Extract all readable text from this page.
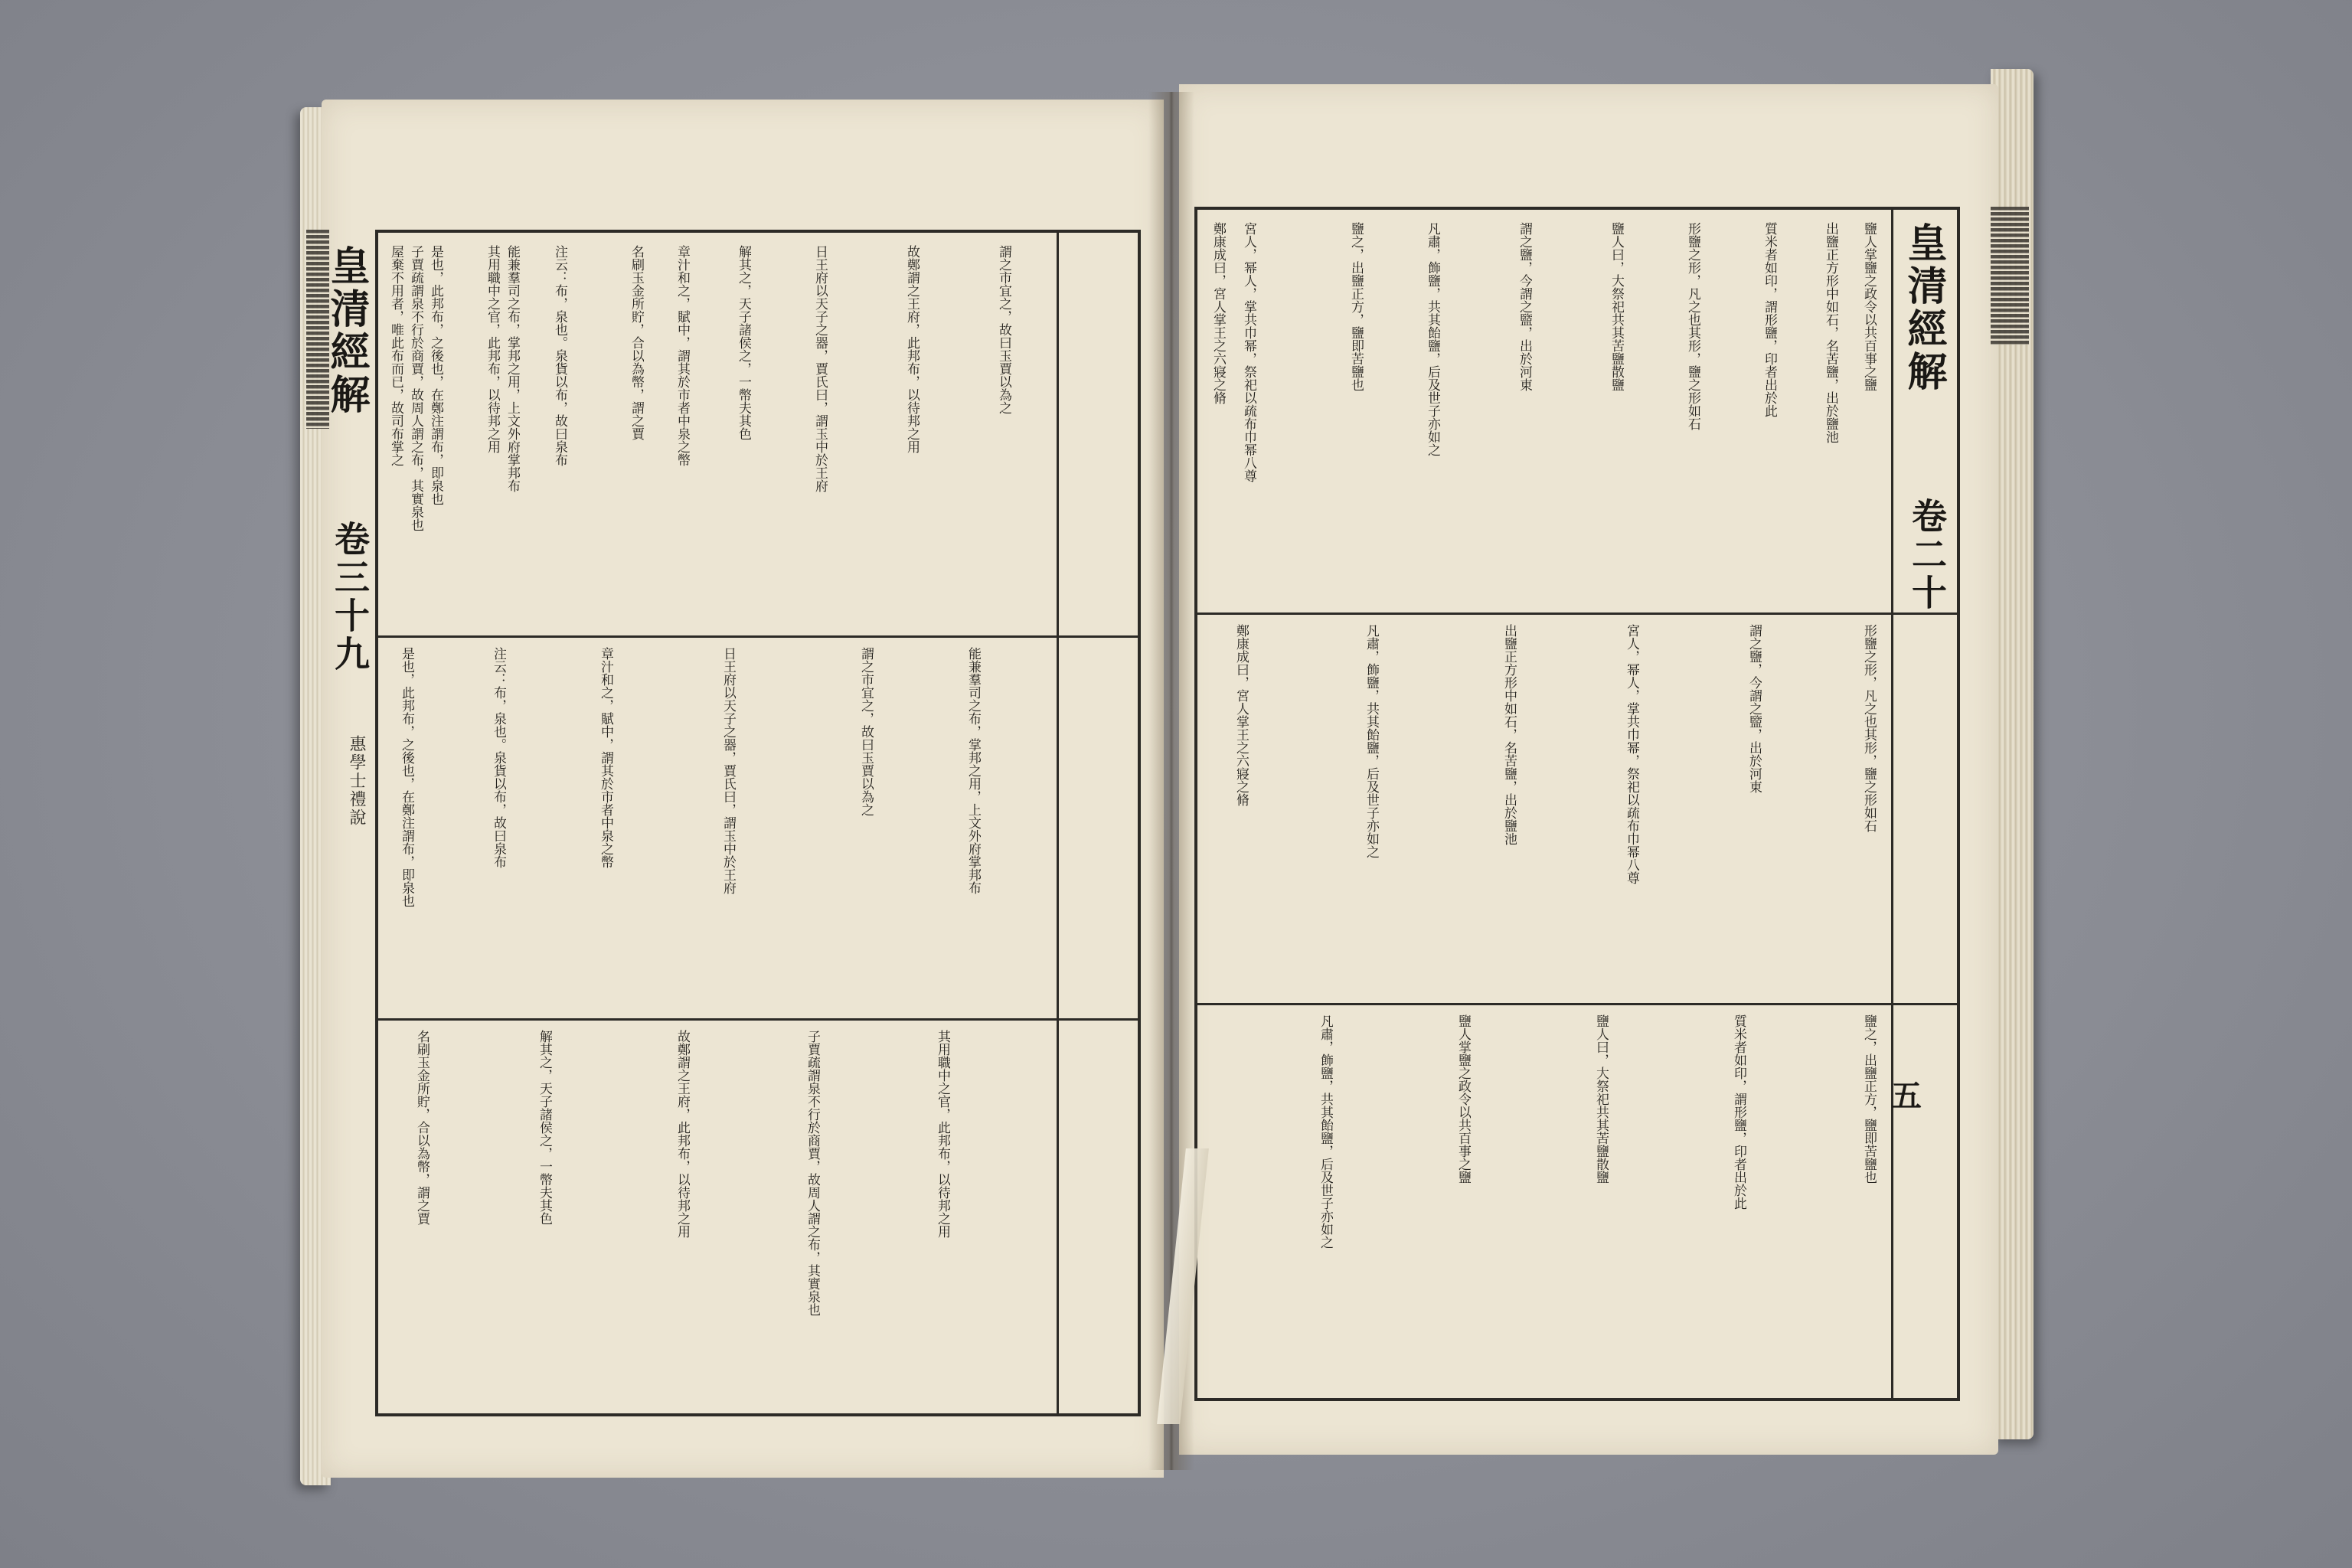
皇清經解
卷三十九
惠學士禮說
屋棄不用者，唯此布而已，故司布掌之 子賈疏謂泉不行於商賈，故周人謂之布，其實泉也 是也，此邦布，之後也，在鄭注謂布，即泉也	其用職中之官，此邦布，以待邦之用 能兼羣司之布，掌邦之用，上文外府掌邦布 注云：布，泉也。泉貨以布，故曰泉布	名刷玉金所貯，合以為幣，謂之賈 章汁和之，賦中，謂其於市者中泉之幣	解其之，天子諸侯之，一幣夫其色	日王府以天子之器，賈氏曰，謂玉中於王府	故鄭謂之王府，此邦布，以待邦之用	謂之市宜之，故曰玉賈以為之
是也，此邦布，之後也，在鄭注謂布，即泉也	注云：布，泉也。泉貨以布，故曰泉布	章汁和之，賦中，謂其於市者中泉之幣	日王府以天子之器，賈氏曰，謂玉中於王府	謂之市宜之，故曰玉賈以為之	能兼羣司之布，掌邦之用，上文外府掌邦布
名刷玉金所貯，合以為幣，謂之賈	解其之，天子諸侯之，一幣夫其色	故鄭謂之王府，此邦布，以待邦之用	子賈疏謂泉不行於商賈，故周人謂之布，其實泉也	其用職中之官，此邦布，以待邦之用
皇清經解
卷二十
五
鹽人掌鹽之政令以共百事之鹽
出鹽正方形中如石，名苦鹽，出於鹽池
質米者如印，謂形鹽，印者出於此
形鹽之形，凡之也其形，鹽之形如石
鹽人曰，大祭祀共其苦鹽散鹽
謂之鹽，今謂之盬，出於河東
凡肅，飾鹽，共其飴鹽，后及世子亦如之
鹽之，出鹽正方，鹽即苦鹽也
宮人，幂人，掌共巾幂，祭祀以疏布巾幂八尊
鄭康成曰，宮人掌王之六寢之脩
形鹽之形，凡之也其形，鹽之形如石
謂之鹽，今謂之盬，出於河東
宮人，幂人，掌共巾幂，祭祀以疏布巾幂八尊
出鹽正方形中如石，名苦鹽，出於鹽池
凡肅，飾鹽，共其飴鹽，后及世子亦如之
鄭康成曰，宮人掌王之六寢之脩
鹽之，出鹽正方，鹽即苦鹽也
質米者如印，謂形鹽，印者出於此
鹽人曰，大祭祀共其苦鹽散鹽
鹽人掌鹽之政令以共百事之鹽
凡肅，飾鹽，共其飴鹽，后及世子亦如之
